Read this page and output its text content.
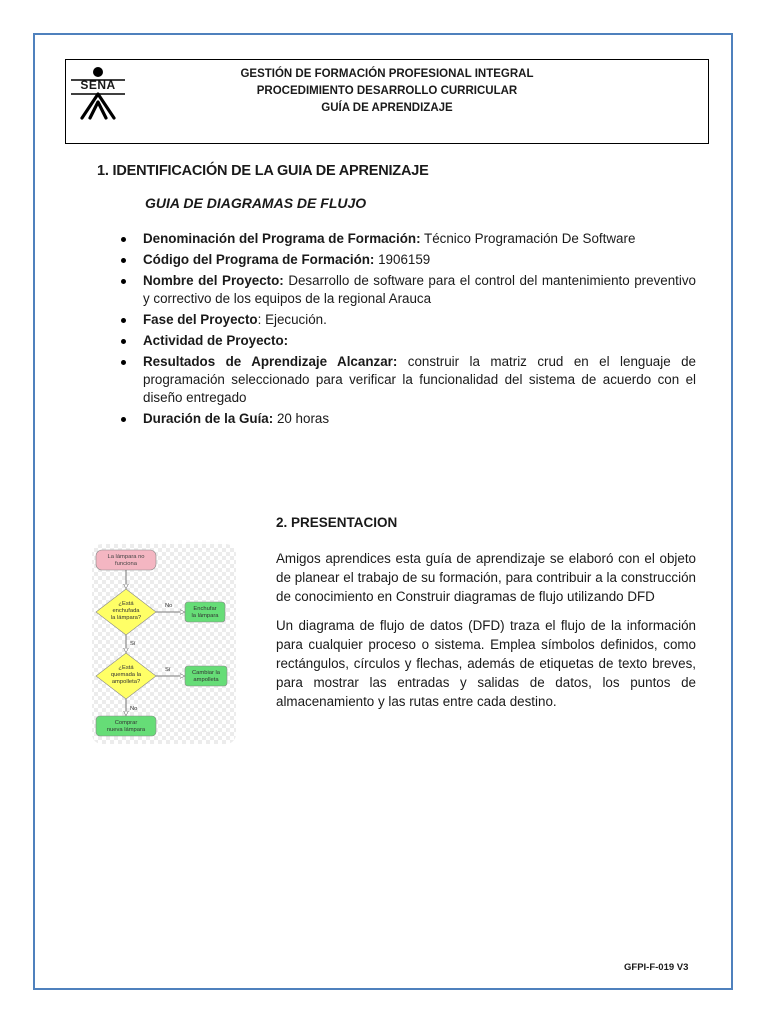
SENA
GESTIÓN DE FORMACIÓN PROFESIONAL INTEGRAL
PROCEDIMIENTO DESARROLLO CURRICULAR
GUÍA DE APRENDIZAJE
1. IDENTIFICACIÓN DE LA GUIA DE APRENIZAJE
GUIA DE DIAGRAMAS DE FLUJO
Denominación del Programa de Formación: Técnico Programación De Software
Código del Programa de Formación: 1906159
Nombre del Proyecto: Desarrollo de software para el control del mantenimiento preventivo y correctivo de los equipos de la regional Arauca
Fase del Proyecto: Ejecución.
Actividad de Proyecto:
Resultados de Aprendizaje Alcanzar: construir la matriz crud en el lenguaje de programación seleccionado para verificar la funcionalidad del sistema de acuerdo con el diseño entregado
Duración de la Guía: 20 horas
La lámpara no
funciona
¿Está
enchufada
la lámpara?
No	Enchufar
la lámpara
Sí
¿Está
quemada la
ampolleta?
Sí	Cambiar la
ampolleta
No
Comprar
nueva lámpara
2. PRESENTACION

Amigos aprendices esta guía de aprendizaje se elaboró con el objeto de planear el trabajo de su formación, para contribuir a la construcción de conocimiento en Construir diagramas de flujo utilizando DFD

Un diagrama de flujo de datos (DFD) traza el flujo de la información para cualquier proceso o sistema. Emplea símbolos definidos, como rectángulos, círculos y flechas, además de etiquetas de texto breves, para mostrar las entradas y salidas de datos, los puntos de almacenamiento y las rutas entre cada destino.

GFPI-F-019 V3
